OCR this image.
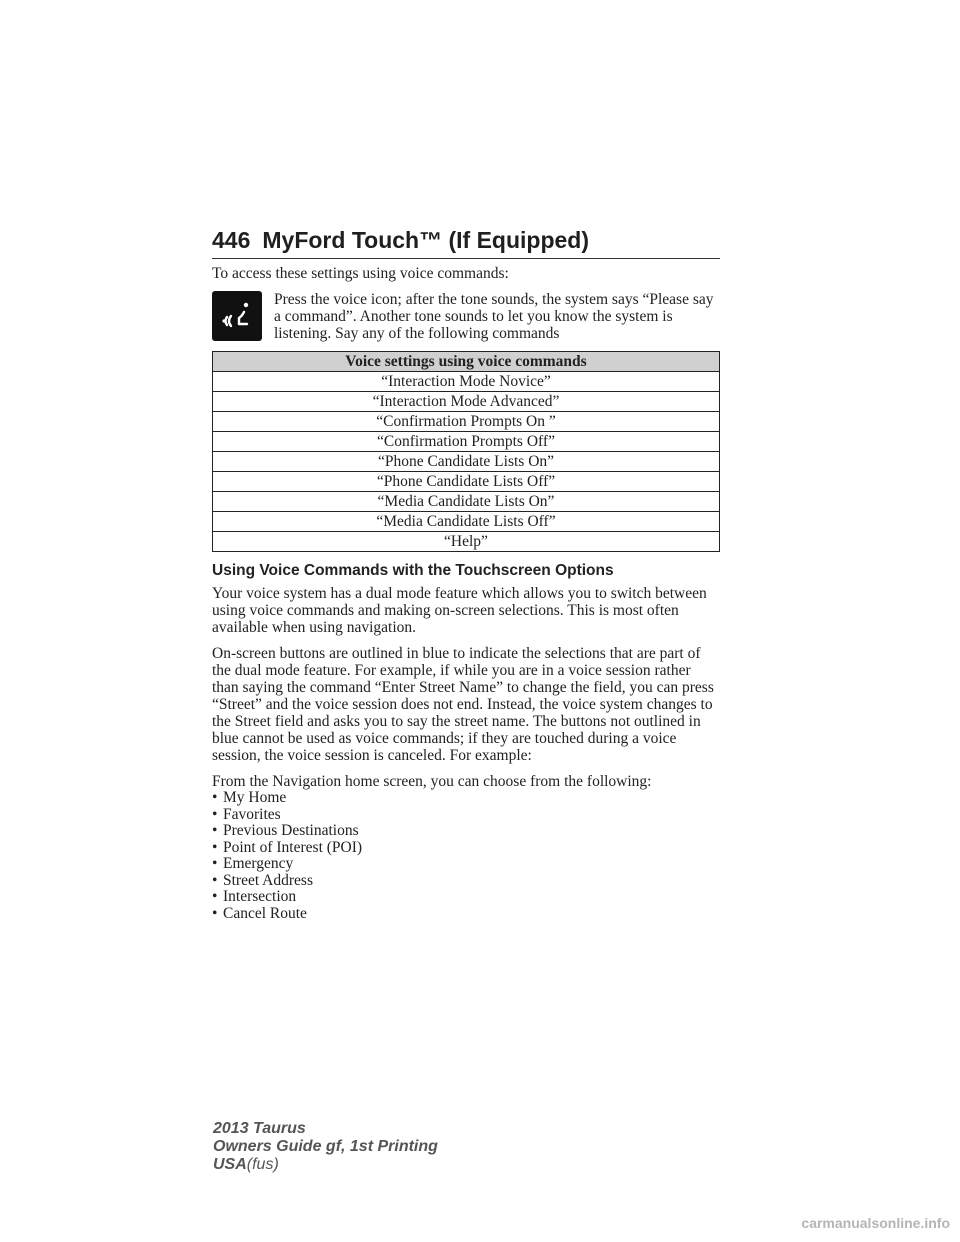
446 MyFord Touch™ (If Equipped)

To access these settings using voice commands:

Press the voice icon; after the tone sounds, the system says “Please say a command”. Another tone sounds to let you know the system is listening. Say any of the following commands
Voice settings using voice commands
“Interaction Mode Novice”
“Interaction Mode Advanced”
“Confirmation Prompts On ”
“Confirmation Prompts Off”
“Phone Candidate Lists On”
“Phone Candidate Lists Off”
“Media Candidate Lists On”
“Media Candidate Lists Off”
“Help”
Using Voice Commands with the Touchscreen Options

Your voice system has a dual mode feature which allows you to switch between using voice commands and making on-screen selections. This is most often available when using navigation.

On-screen buttons are outlined in blue to indicate the selections that are part of the dual mode feature. For example, if while you are in a voice session rather than saying the command “Enter Street Name” to change the field, you can press “Street” and the voice session does not end. Instead, the voice system changes to the Street field and asks you to say the street name. The buttons not outlined in blue cannot be used as voice commands; if they are touched during a voice session, the voice session is canceled. For example:

From the Navigation home screen, you can choose from the following:

• My Home
• Favorites
• Previous Destinations
• Point of Interest (POI)
• Emergency
• Street Address
• Intersection
• Cancel Route
2013 Taurus
Owners Guide gf, 1st Printing
USA(fus)
carmanualsonline.info
